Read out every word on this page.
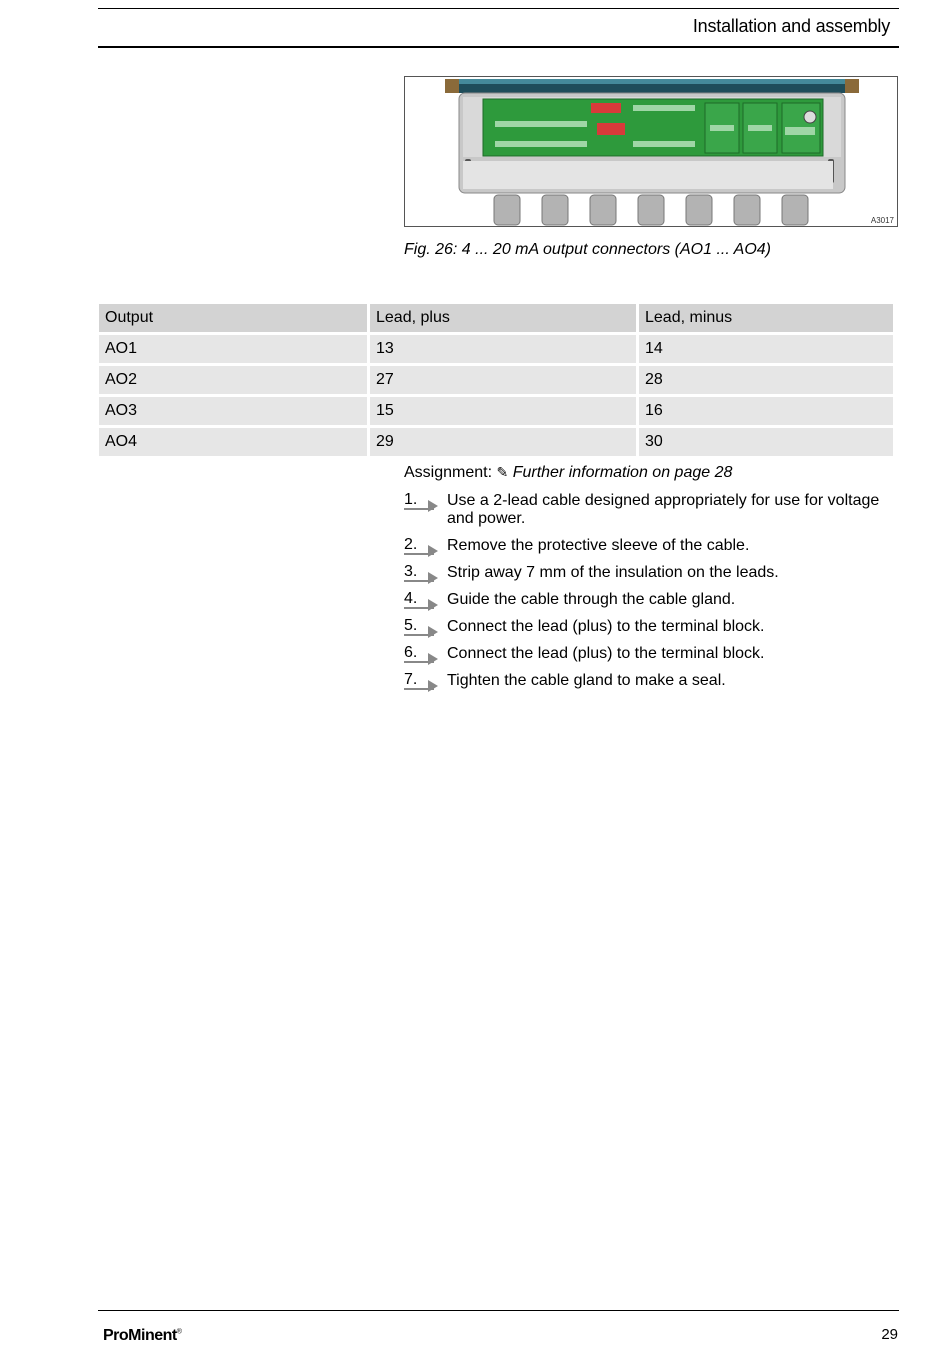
Installation and assembly
A3017
Fig. 26: 4 ... 20 mA output connectors (AO1 ... AO4)
Output	Lead, plus	Lead, minus
AO1	13	14
AO2	27	28
AO3	15	16
AO4	29	30
Assignment: ✎ Further information on page 28
1.	Use a 2-lead cable designed appropriately for use for voltage and power.
2.	Remove the protective sleeve of the cable.
3.	Strip away 7 mm of the insulation on the leads.
4.	Guide the cable through the cable gland.
5.	Connect the lead (plus) to the terminal block.
6.	Connect the lead (plus) to the terminal block.
7.	Tighten the cable gland to make a seal.
ProMinent®	29
